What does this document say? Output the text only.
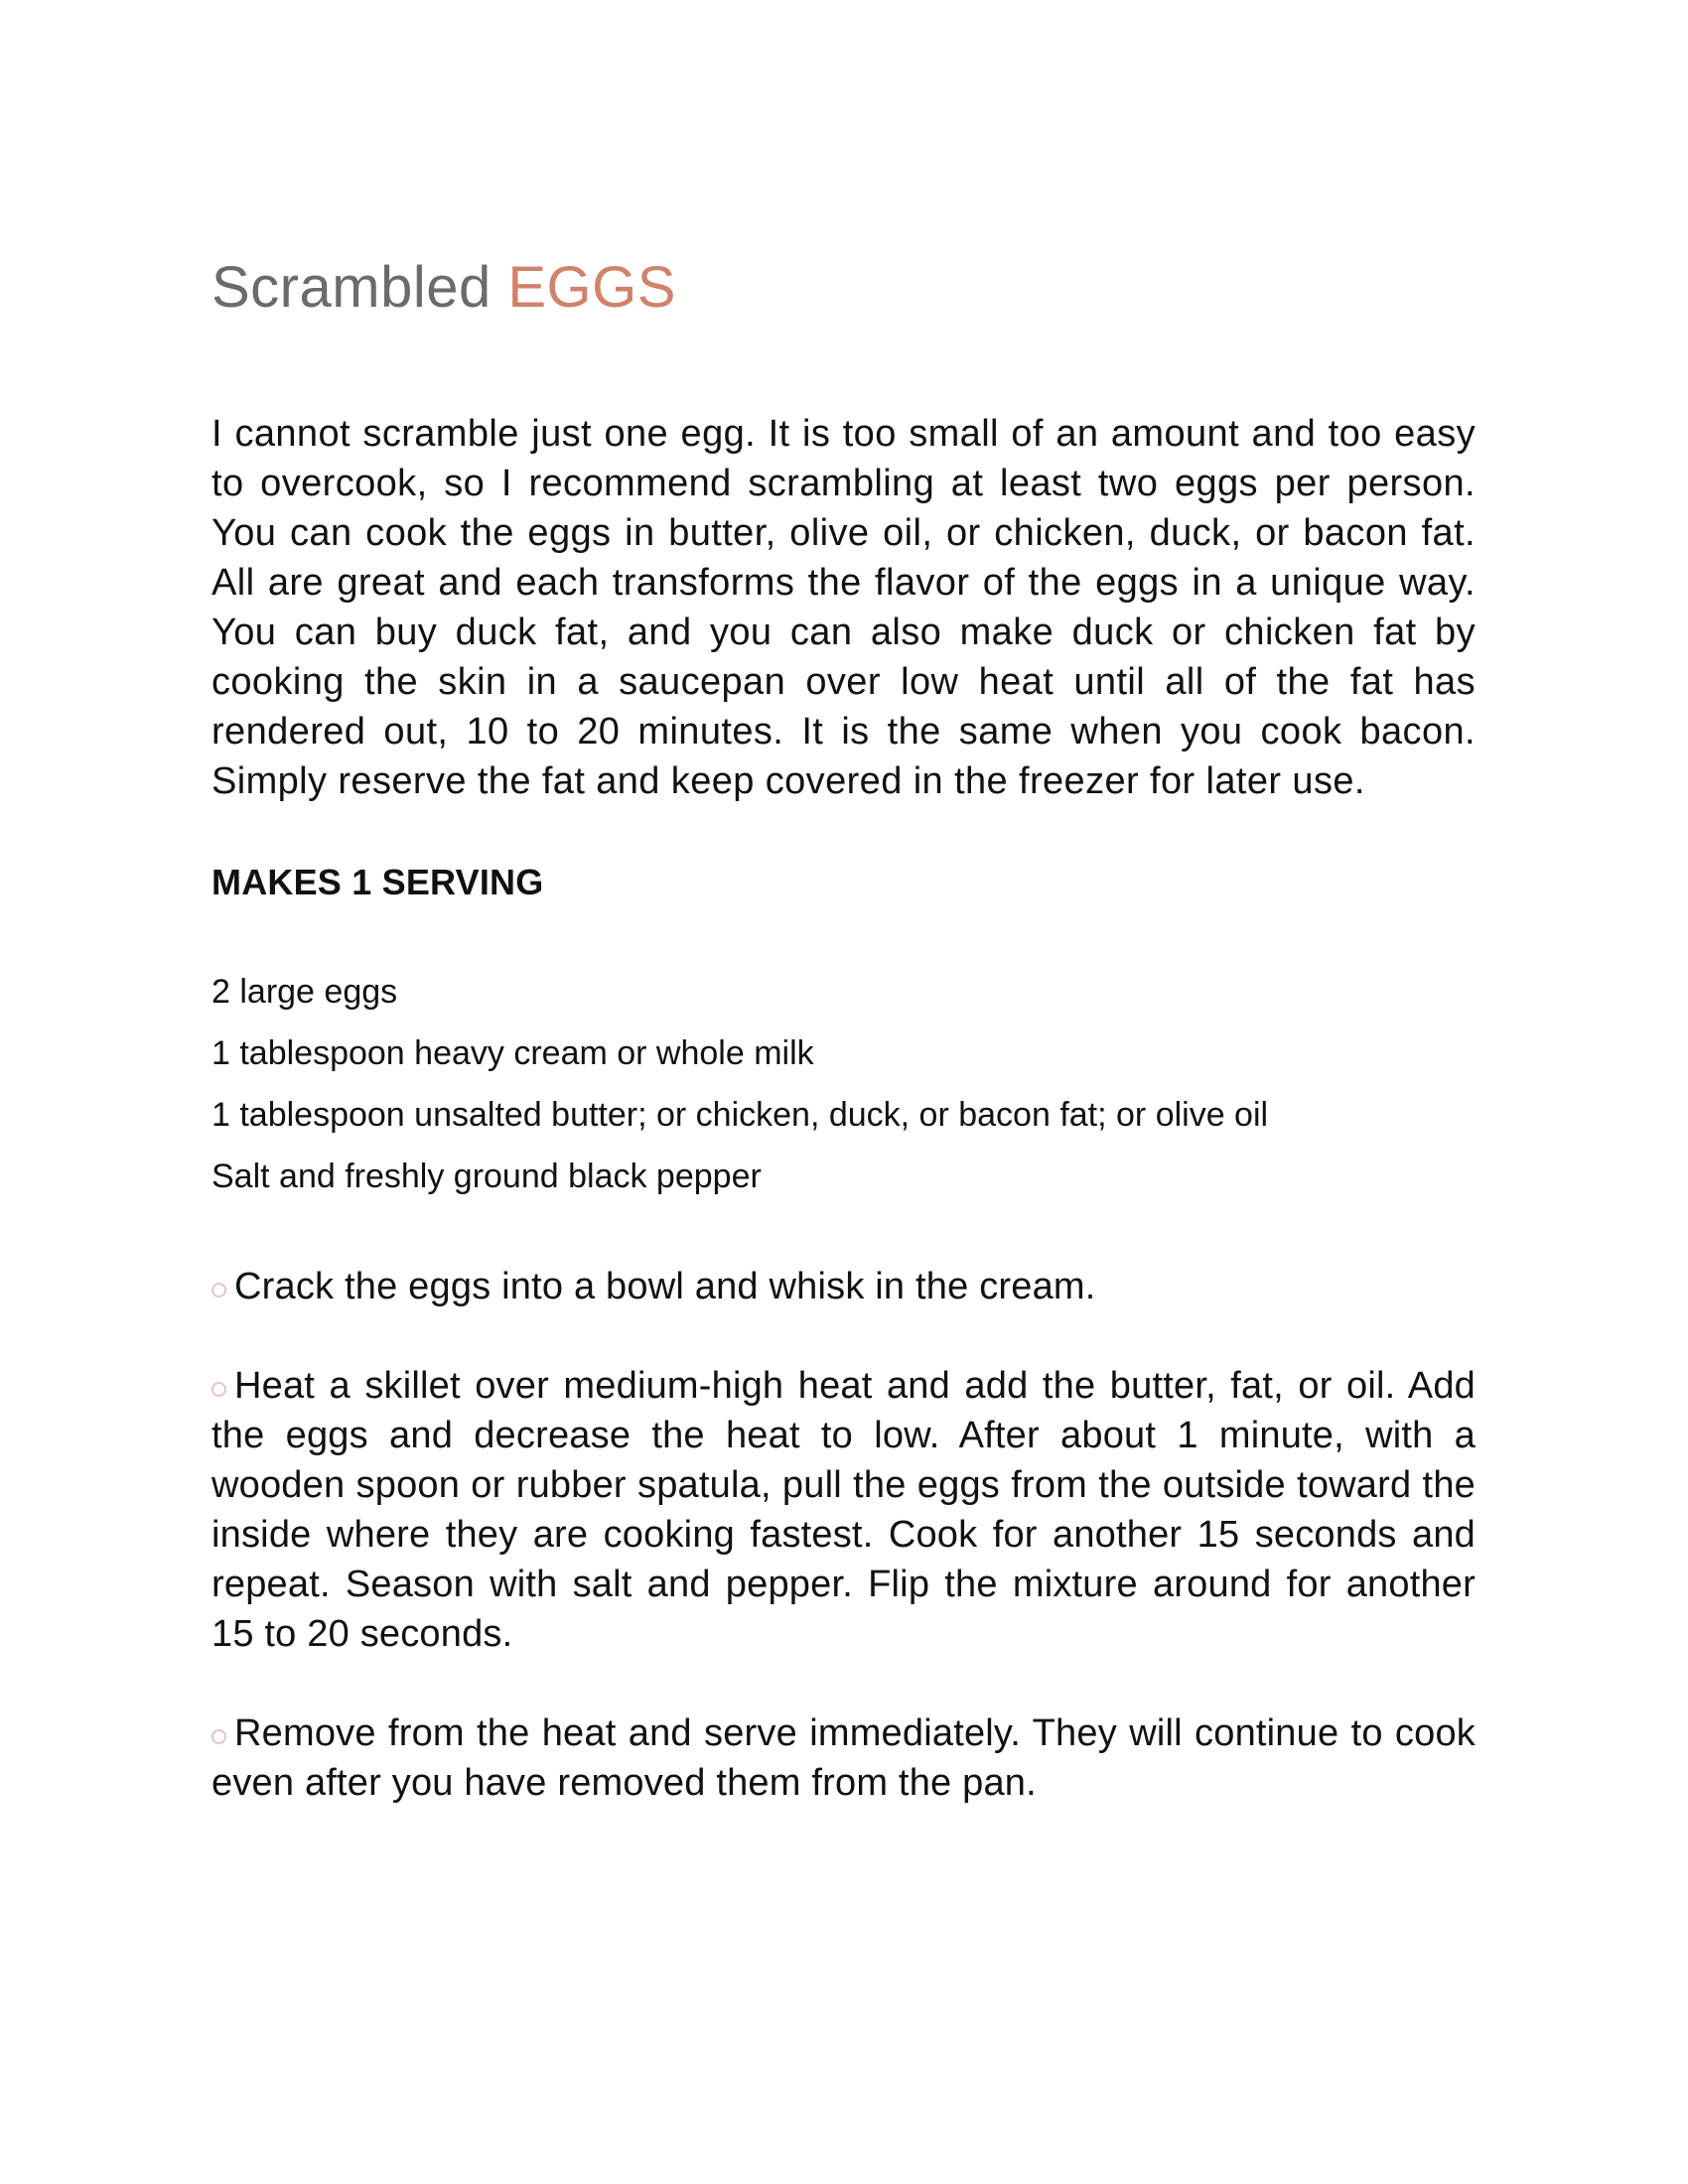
Scrambled EGGS

I cannot scramble just one egg. It is too small of an amount and too easy to overcook, so I recommend scrambling at least two eggs per person. You can cook the eggs in butter, olive oil, or chicken, duck, or bacon fat. All are great and each transforms the flavor of the eggs in a unique way. You can buy duck fat, and you can also make duck or chicken fat by cooking the skin in a saucepan over low heat until all of the fat has rendered out, 10 to 20 minutes. It is the same when you cook bacon. Simply reserve the fat and keep covered in the freezer for later use.

MAKES 1 SERVING

2 large eggs
1 tablespoon heavy cream or whole milk
1 tablespoon unsalted butter; or chicken, duck, or bacon fat; or olive oil
Salt and freshly ground black pepper

Crack the eggs into a bowl and whisk in the cream.

Heat a skillet over medium-high heat and add the butter, fat, or oil. Add the eggs and decrease the heat to low. After about 1 minute, with a wooden spoon or rubber spatula, pull the eggs from the outside toward the inside where they are cooking fastest. Cook for another 15 seconds and repeat. Season with salt and pepper. Flip the mixture around for another 15 to 20 seconds.

Remove from the heat and serve immediately. They will continue to cook even after you have removed them from the pan.
